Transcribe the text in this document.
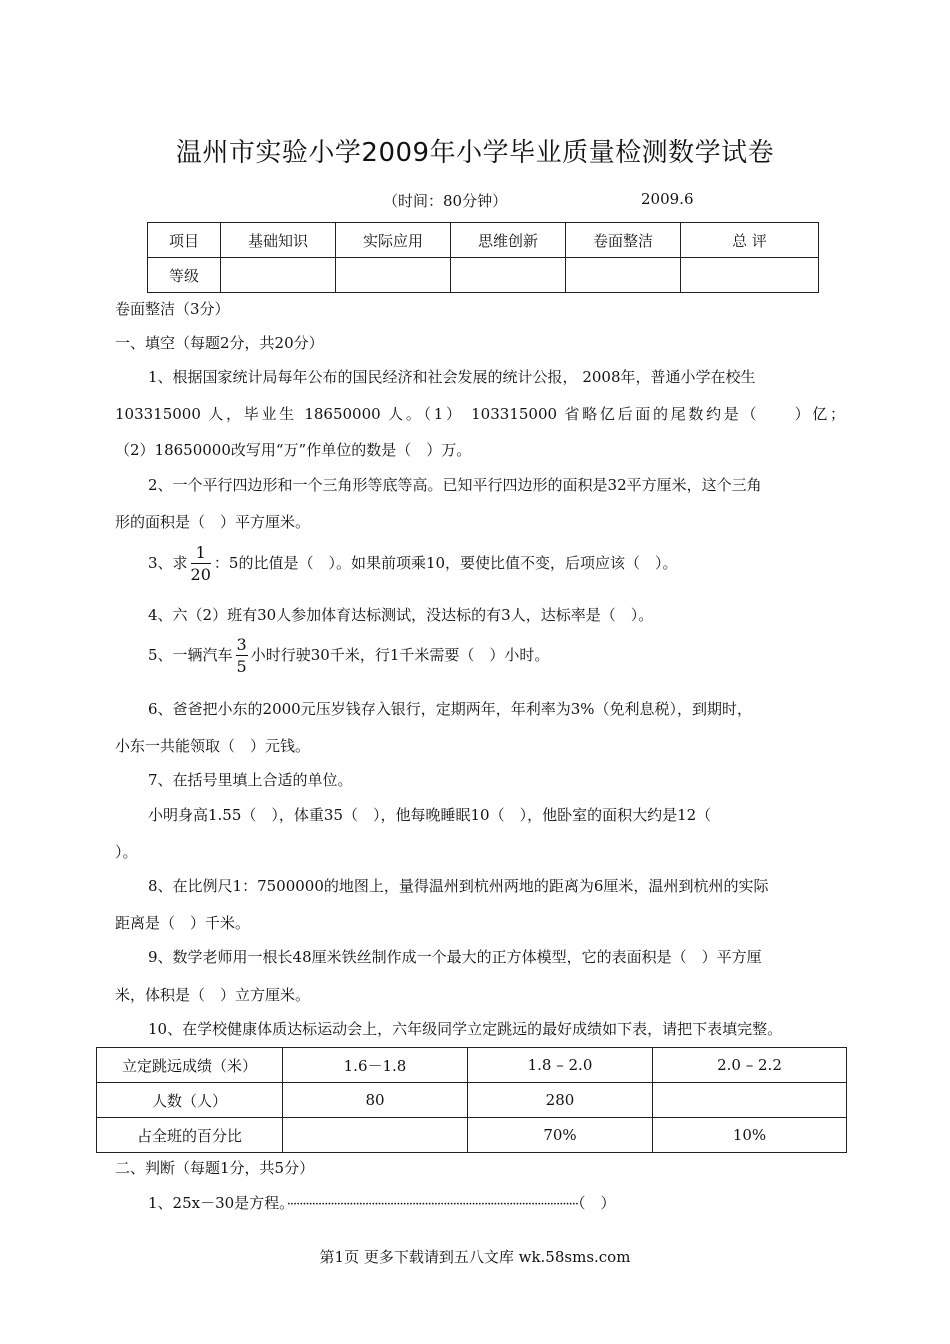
温州市实验小学2009年小学毕业质量检测数学试卷
（时间：80分钟）	2009.6
项目	基础知识	实际应用	思维创新	卷面整洁	总 评
等级					
卷面整洁（3分）
一、填空（每题2分，共20分）
1、根据国家统计局每年公布的国民经济和社会发展的统计公报， 2008年，普通小学在校生
103315000 人，毕业生 18650000 人。（1） 103315000 省略亿后面的尾数约是（　　）亿；
（2）18650000改写用“万”作单位的数是（　）万。
2、一个平行四边形和一个三角形等底等高。已知平行四边形的面积是32平方厘米，这个三角
形的面积是（　）平方厘米。
3、求 $\frac{1}{20}$ ：5的比值是（　）。如果前项乘10，要使比值不变，后项应该（　）。
4、六（2）班有30人参加体育达标测试，没达标的有3人，达标率是（　）。
5、一辆汽车 $\frac{3}{5}$ 小时行驶30千米，行1千米需要（　）小时。
6、爸爸把小东的2000元压岁钱存入银行，定期两年，年利率为3%（免利息税），到期时，
小东一共能领取（　）元钱。
7、在括号里填上合适的单位。
小明身高1.55（　），体重35（　），他每晚睡眠10（　），他卧室的面积大约是12（
）。
8、在比例尺1：7500000的地图上，量得温州到杭州两地的距离为6厘米，温州到杭州的实际
距离是（　）千米。
9、数学老师用一根长48厘米铁丝制作成一个最大的正方体模型，它的表面积是（　）平方厘
米，体积是（　）立方厘米。
10、在学校健康体质达标运动会上，六年级同学立定跳远的最好成绩如下表，请把下表填完整。
立定跳远成绩（米）	1.6－1.8	1.8 – 2.0	2.0 – 2.2
人数（人）	80	280	
占全班的百分比		70%	10%
二、判断（每题1分，共5分）
1、25x－30是方程。·····························································································（　）
第1页 更多下载请到五八文库 wk.58sms.com
